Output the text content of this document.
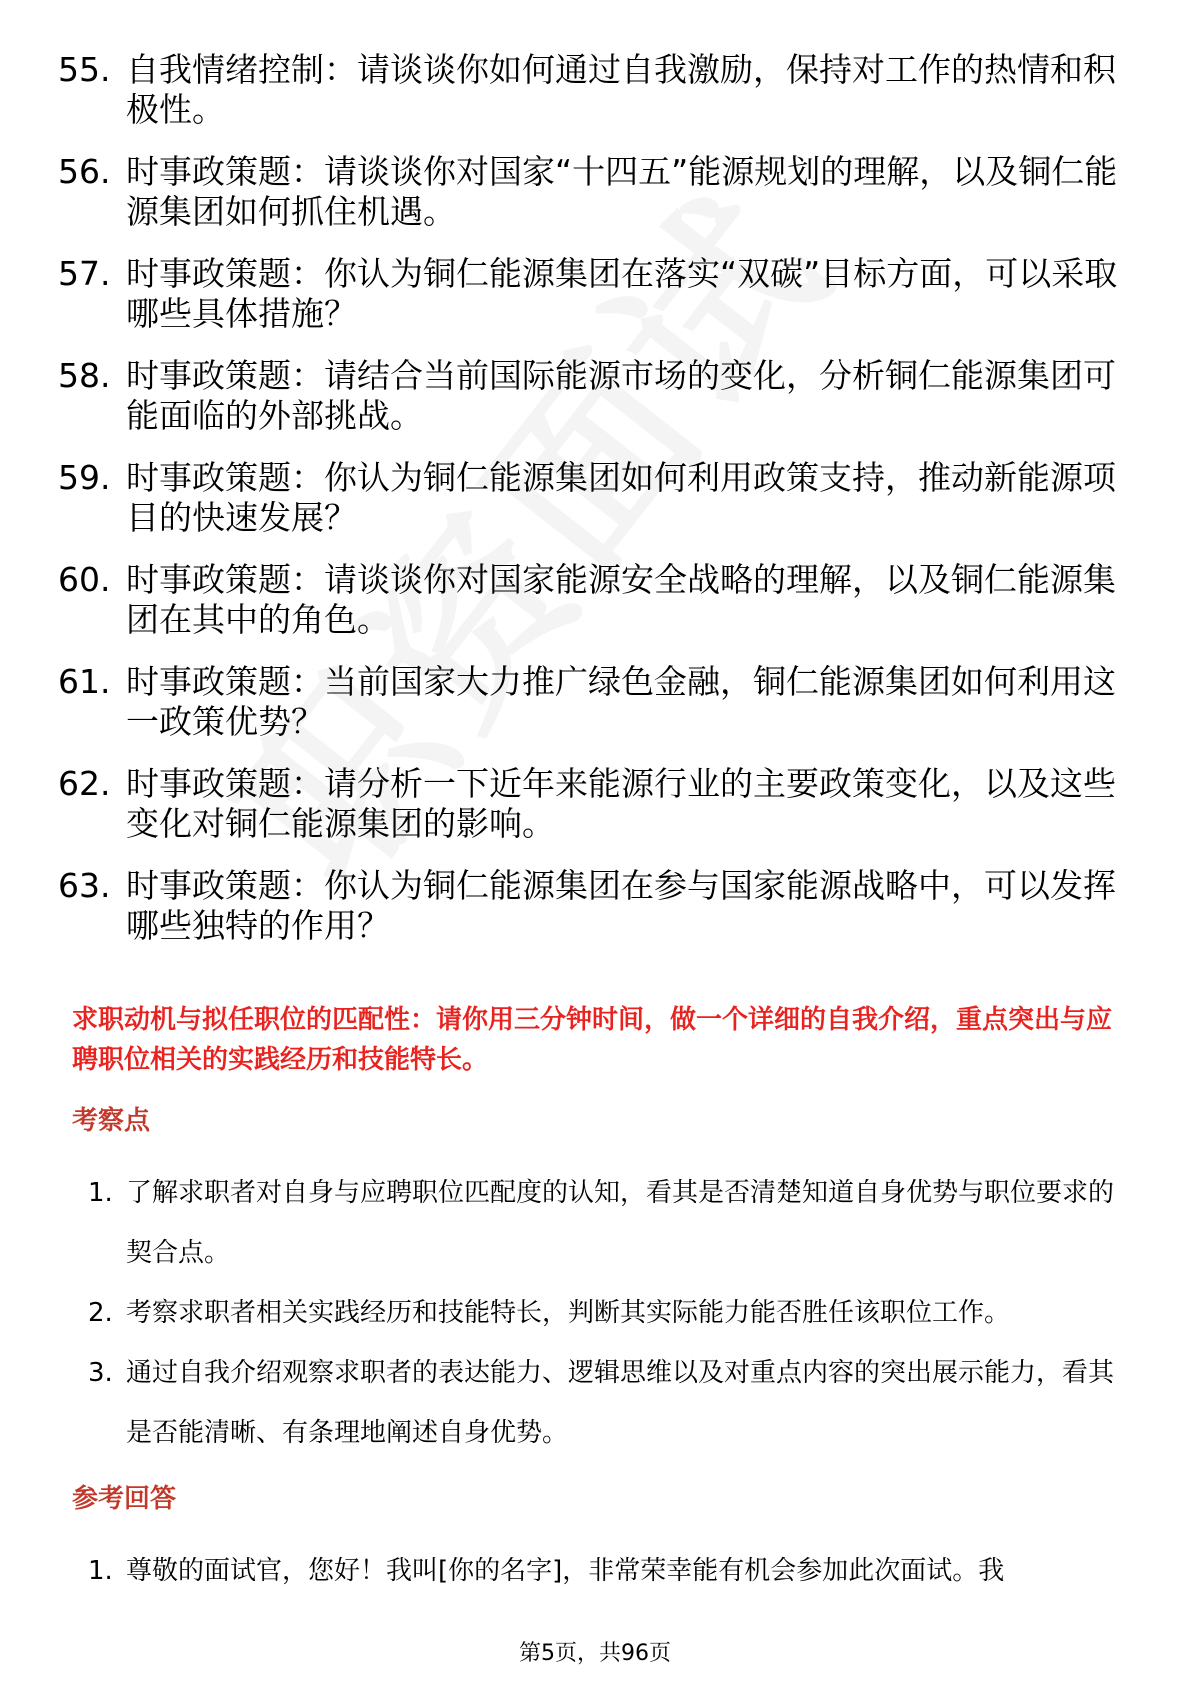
55. 自我情绪控制：请谈谈你如何通过自我激励，保持对工作的热情和积极性。
56. 时事政策题：请谈谈你对国家“十四五”能源规划的理解，以及铜仁能源集团如何抓住机遇。
57. 时事政策题：你认为铜仁能源集团在落实“双碳”目标方面，可以采取哪些具体措施？
58. 时事政策题：请结合当前国际能源市场的变化，分析铜仁能源集团可能面临的外部挑战。
59. 时事政策题：你认为铜仁能源集团如何利用政策支持，推动新能源项目的快速发展？
60. 时事政策题：请谈谈你对国家能源安全战略的理解，以及铜仁能源集团在其中的角色。
61. 时事政策题：当前国家大力推广绿色金融，铜仁能源集团如何利用这一政策优势？
62. 时事政策题：请分析一下近年来能源行业的主要政策变化，以及这些变化对铜仁能源集团的影响。
63. 时事政策题：你认为铜仁能源集团在参与国家能源战略中，可以发挥哪些独特的作用？
求职动机与拟任职位的匹配性：请你用三分钟时间，做一个详细的自我介绍，重点突出与应聘职位相关的实践经历和技能特长。
考察点
1. 了解求职者对自身与应聘职位匹配度的认知，看其是否清楚知道自身优势与职位要求的契合点。
2. 考察求职者相关实践经历和技能特长，判断其实际能力能否胜任该职位工作。
3. 通过自我介绍观察求职者的表达能力、逻辑思维以及对重点内容的突出展示能力，看其是否能清晰、有条理地阐述自身优势。
参考回答
1. 尊敬的面试官，您好！我叫[你的名字]，非常荣幸能有机会参加此次面试。我
第5页，共96页
